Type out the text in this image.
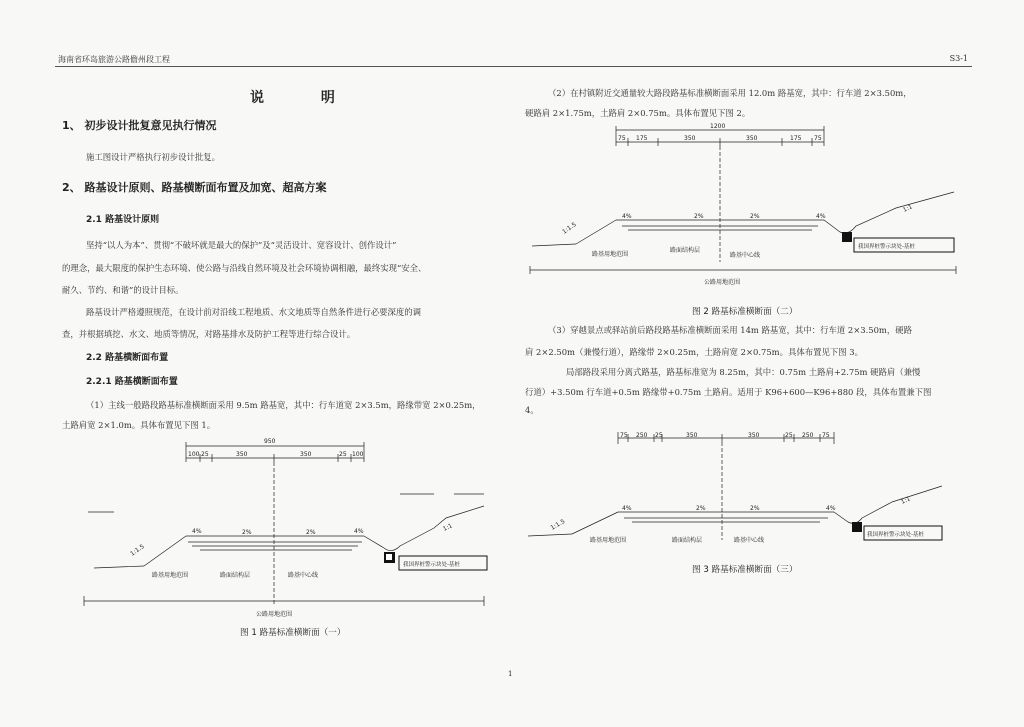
海南省环岛旅游公路儋州段工程	S3-1
说 明
1、 初步设计批复意见执行情况
施工图设计严格执行初步设计批复。
2、 路基设计原则、路基横断面布置及加宽、超高方案
2.1 路基设计原则
坚持“以人为本”、贯彻“不破坏就是最大的保护”及“灵活设计、宽容设计、创作设计”
的理念，最大限度的保护生态环境、使公路与沿线自然环境及社会环境协调相融，最终实现“安全、
耐久、节约、和谐”的设计目标。
路基设计严格遵照规范，在设计前对沿线工程地质、水文地质等自然条件进行必要深度的调
查，并根据填挖、水文、地质等情况，对路基排水及防护工程等进行综合设计。
2.2 路基横断面布置
2.2.1 路基横断面布置
（1）主线一般路段路基标准横断面采用 9.5m 路基宽，其中：行车道宽 2×3.5m，路缘带宽 2×0.25m，
土路肩宽 2×1.0m。具体布置见下图 1。
950
100 25	350	350	25 100
2%	2%
4%	4%
1:1.5
1:1
路面结构层	路基中心线
路基用地范围
公路用地范围
我国界桩警示块处-基桩
图 1 路基标准横断面（一）
（2）在村镇附近交通量较大路段路基标准横断面采用 12.0m 路基宽，其中：行车道 2×3.50m，
硬路肩 2×1.75m，土路肩 2×0.75m。具体布置见下图 2。
1200
75 175	350	350	175 75
2%	2%
4%	4%
1:1.5
1:1
路面结构层
路基中心线
路基用地范围
公路用地范围
我国界桩警示块处-基桩
图 2 路基标准横断面（二）
（3）穿越景点或驿站前后路段路基标准横断面采用 14m 路基宽，其中：行车道 2×3.50m，硬路
肩 2×2.50m（兼慢行道），路缘带 2×0.25m，土路肩宽 2×0.75m。具体布置见下图 3。
局部路段采用分离式路基，路基标准宽为 8.25m，其中：0.75m 土路肩+2.75m 硬路肩（兼慢
行道）+3.50m 行车道+0.5m 路缘带+0.75m 土路肩。适用于 K96+600—K96+880 段，具体布置兼下图
4。
75 250 25	350	350	25 250 75
2%	2%
4%	4%
1:1.5
1:1
路面结构层	路基中心线
路基用地范围
我国界桩警示块处-基桩
图 3 路基标准横断面（三）
1
